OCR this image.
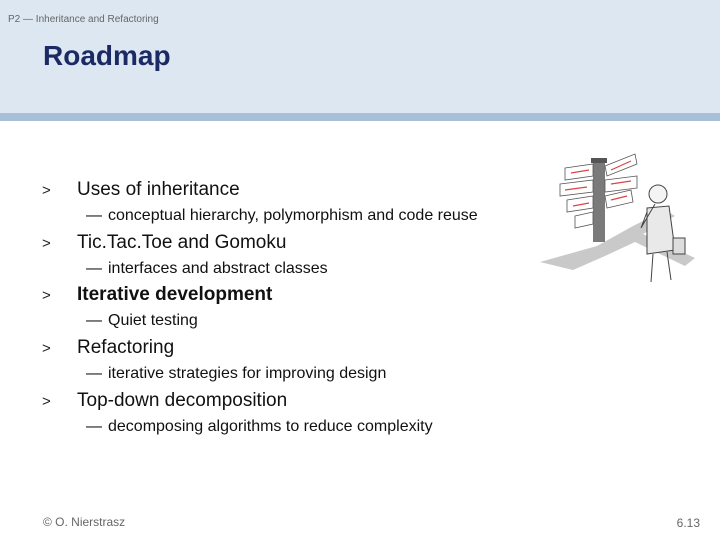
P2 — Inheritance and Refactoring
Roadmap
> Uses of inheritance
— conceptual hierarchy, polymorphism and code reuse
> Tic.Tac.Toe and Gomoku
— interfaces and abstract classes
> Iterative development
— Quiet testing
> Refactoring
— iterative strategies for improving design
> Top-down decomposition
— decomposing algorithms to reduce complexity
© O. Nierstrasz	6.13
